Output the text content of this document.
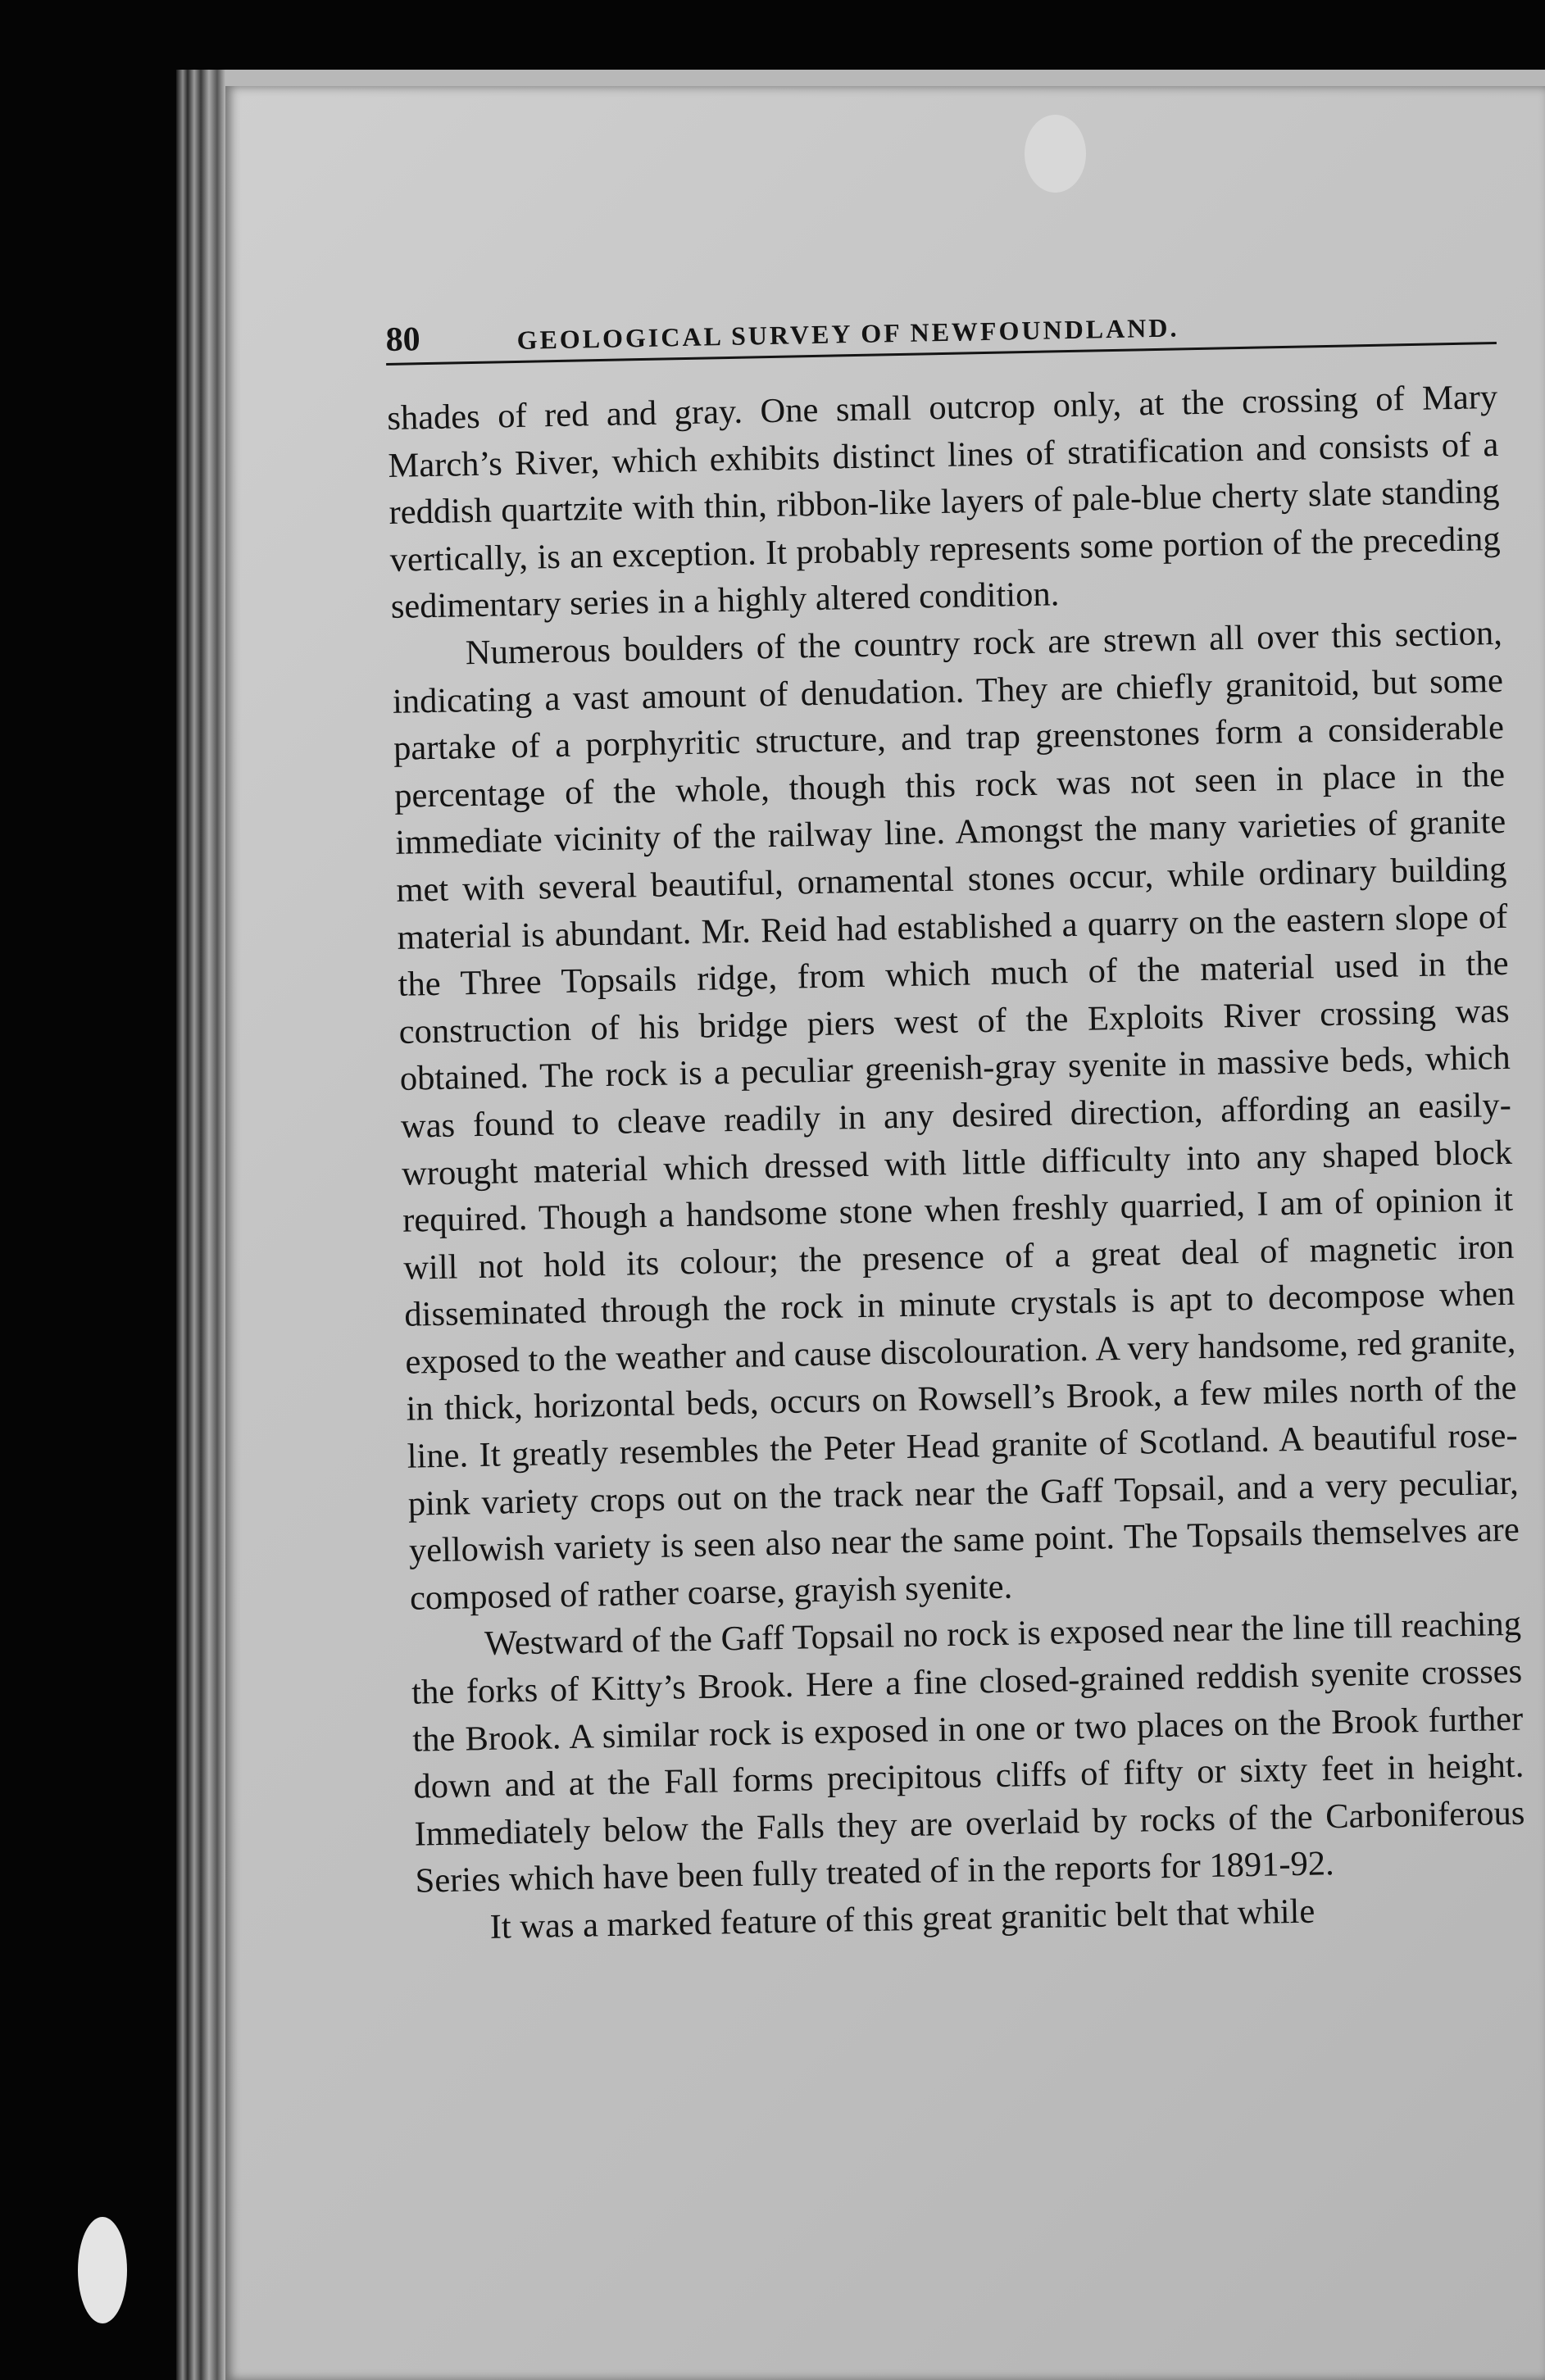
80	GEOLOGICAL SURVEY OF NEWFOUNDLAND.

shades of red and gray. One small outcrop only, at the crossing of Mary March’s River, which exhibits distinct lines of stratification and consists of a reddish quartzite with thin, ribbon-like layers of pale-blue cherty slate standing vertically, is an exception. It probably represents some portion of the preceding sedimentary series in a highly altered condition.

Numerous boulders of the country rock are strewn all over this section, indicating a vast amount of denudation. They are chiefly granitoid, but some partake of a porphyritic structure, and trap greenstones form a considerable percentage of the whole, though this rock was not seen in place in the immediate vicinity of the railway line. Amongst the many varieties of granite met with several beautiful, ornamental stones occur, while ordinary building material is abundant. Mr. Reid had established a quarry on the eastern slope of the Three Topsails ridge, from which much of the material used in the construction of his bridge piers west of the Exploits River crossing was obtained. The rock is a peculiar greenish-gray syenite in massive beds, which was found to cleave readily in any desired direction, affording an easily-wrought material which dressed with little difficulty into any shaped block required. Though a handsome stone when freshly quarried, I am of opinion it will not hold its colour; the presence of a great deal of magnetic iron disseminated through the rock in minute crystals is apt to decompose when exposed to the weather and cause discolouration. A very handsome, red granite, in thick, horizontal beds, occurs on Rowsell’s Brook, a few miles north of the line. It greatly resembles the Peter Head granite of Scotland. A beautiful rose-pink variety crops out on the track near the Gaff Topsail, and a very peculiar, yellowish variety is seen also near the same point. The Topsails themselves are composed of rather coarse, grayish syenite.

Westward of the Gaff Topsail no rock is exposed near the line till reaching the forks of Kitty’s Brook. Here a fine closed-grained reddish syenite crosses the Brook. A similar rock is exposed in one or two places on the Brook further down and at the Fall forms precipitous cliffs of fifty or sixty feet in height. Immediately below the Falls they are overlaid by rocks of the Carboniferous Series which have been fully treated of in the reports for 1891-92.

It was a marked feature of this great granitic belt that while
